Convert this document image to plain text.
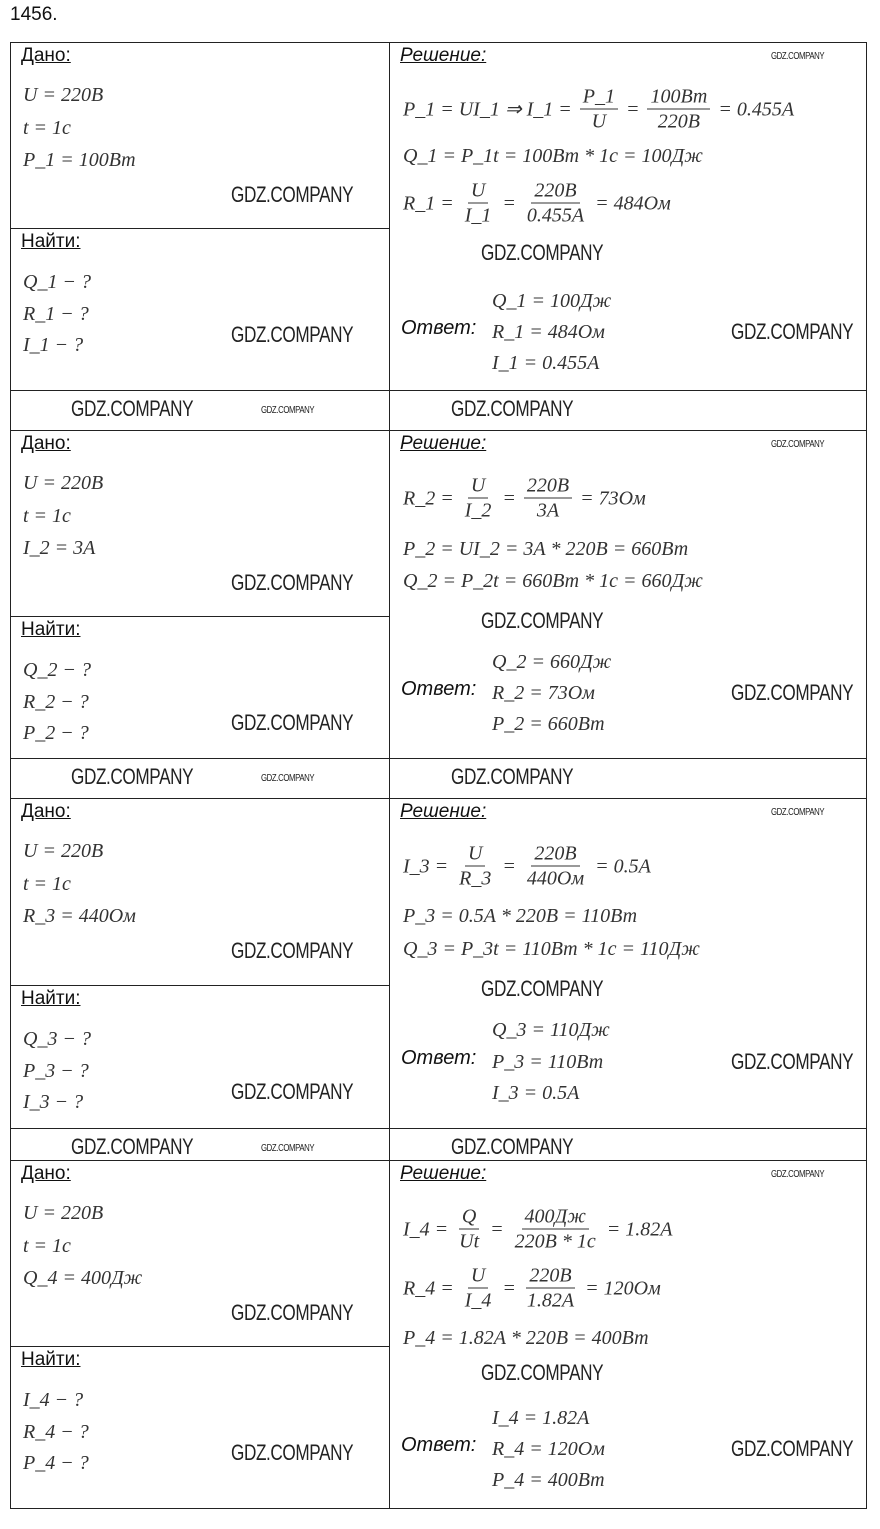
1456.
Дано:
U = 220В
t = 1с
P_1 = 100Вт
Найти:
Q_1 − ?
R_1 − ?
I_1 − ?
Решение:
P_1 = UI_1 ⇒ I_1 = $\frac{P\_1}{U} = \frac{100Вт}{220В} = 0.455А$
Q_1 = P_1t = 100Вт * 1с = 100Дж
R_1 = $\frac{U}{I\_1} = \frac{220В}{0.455А} = 484Ом$
Ответ:
Q_1 = 100Дж
R_1 = 484Ом
I_1 = 0.455А
GDZ.COMPANY
GDZ.COMPANY
GDZ.COMPANY
GDZ.COMPANY
GDZ.COMPANY
GDZ.COMPANY	GDZ.COMPANY
GDZ.COMPANY
Дано:
U = 220В
t = 1с
I_2 = 3А
Найти:
Q_2 − ?
R_2 − ?
P_2 − ?
Решение:
R_2 = $\frac{U}{I\_2} = \frac{220В}{3А} = 73Ом$
P_2 = UI_2 = 3А * 220В = 660Вт
Q_2 = P_2t = 660Вт * 1с = 660Дж
Ответ:
Q_2 = 660Дж
R_2 = 73Ом
P_2 = 660Вт
GDZ.COMPANY
GDZ.COMPANY
GDZ.COMPANY
GDZ.COMPANY
GDZ.COMPANY
GDZ.COMPANY	GDZ.COMPANY
GDZ.COMPANY
Дано:
U = 220В
t = 1с
R_3 = 440Ом
Найти:
Q_3 − ?
P_3 − ?
I_3 − ?
Решение:
I_3 = $\frac{U}{R\_3} = \frac{220В}{440Ом} = 0.5А$
P_3 = 0.5А * 220В = 110Вт
Q_3 = P_3t = 110Вт * 1с = 110Дж
Ответ:
Q_3 = 110Дж
P_3 = 110Вт
I_3 = 0.5А
GDZ.COMPANY
GDZ.COMPANY
GDZ.COMPANY
GDZ.COMPANY
GDZ.COMPANY
GDZ.COMPANY	GDZ.COMPANY
GDZ.COMPANY
Дано:
U = 220В
t = 1с
Q_4 = 400Дж
Найти:
I_4 − ?
R_4 − ?
P_4 − ?
Решение:
I_4 = $\frac{Q}{Ut} = \frac{400Дж}{220В * 1с} = 1.82А$
R_4 = $\frac{U}{I\_4} = \frac{220В}{1.82А} = 120Ом$
P_4 = 1.82А * 220В = 400Вт
Ответ:
I_4 = 1.82А
R_4 = 120Ом
P_4 = 400Вт
GDZ.COMPANY
GDZ.COMPANY
GDZ.COMPANY
GDZ.COMPANY
GDZ.COMPANY
